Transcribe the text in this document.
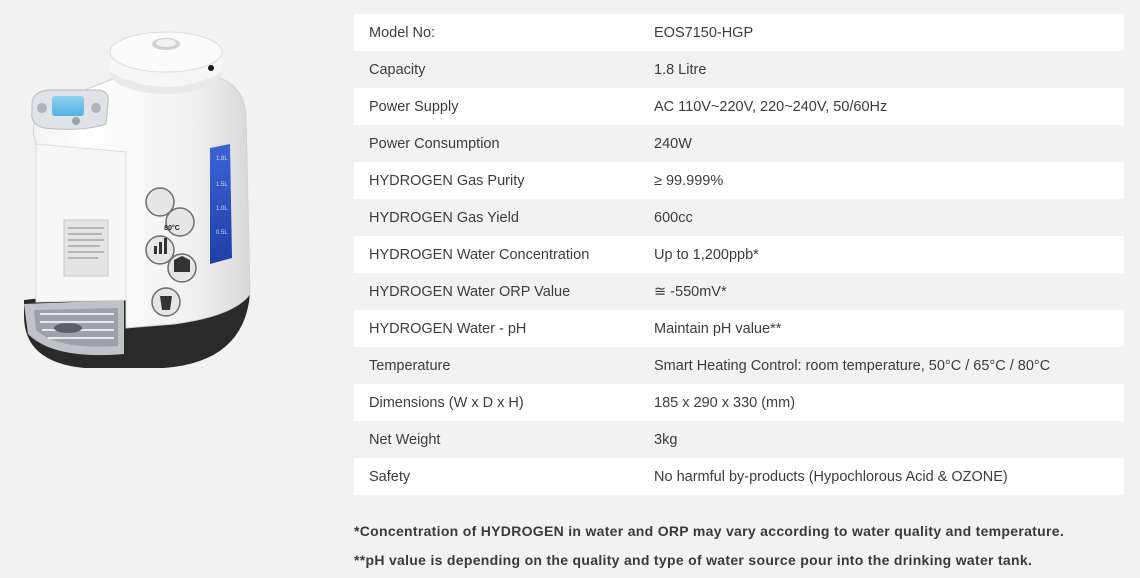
1.8L
1.5L
1.0L
0.5L
80°C
Model No:	EOS7150-HGP
Capacity	1.8 Litre
Power Supply	AC 110V~220V, 220~240V, 50/60Hz
Power Consumption	240W
HYDROGEN Gas Purity	≥ 99.999%
HYDROGEN Gas Yield	600cc
HYDROGEN Water Concentration	Up to 1,200ppb*
HYDROGEN Water ORP Value	≅ -550mV*
HYDROGEN Water - pH	Maintain pH value**
Temperature	Smart Heating Control: room temperature, 50°C / 65°C / 80°C
Dimensions (W x D x H)	185 x 290 x 330 (mm)
Net Weight	3kg
Safety	No harmful by-products (Hypochlorous Acid & OZONE)
*Concentration of HYDROGEN in water and ORP may vary according to water quality and temperature.
**pH value is depending on the quality and type of water source pour into the drinking water tank.
